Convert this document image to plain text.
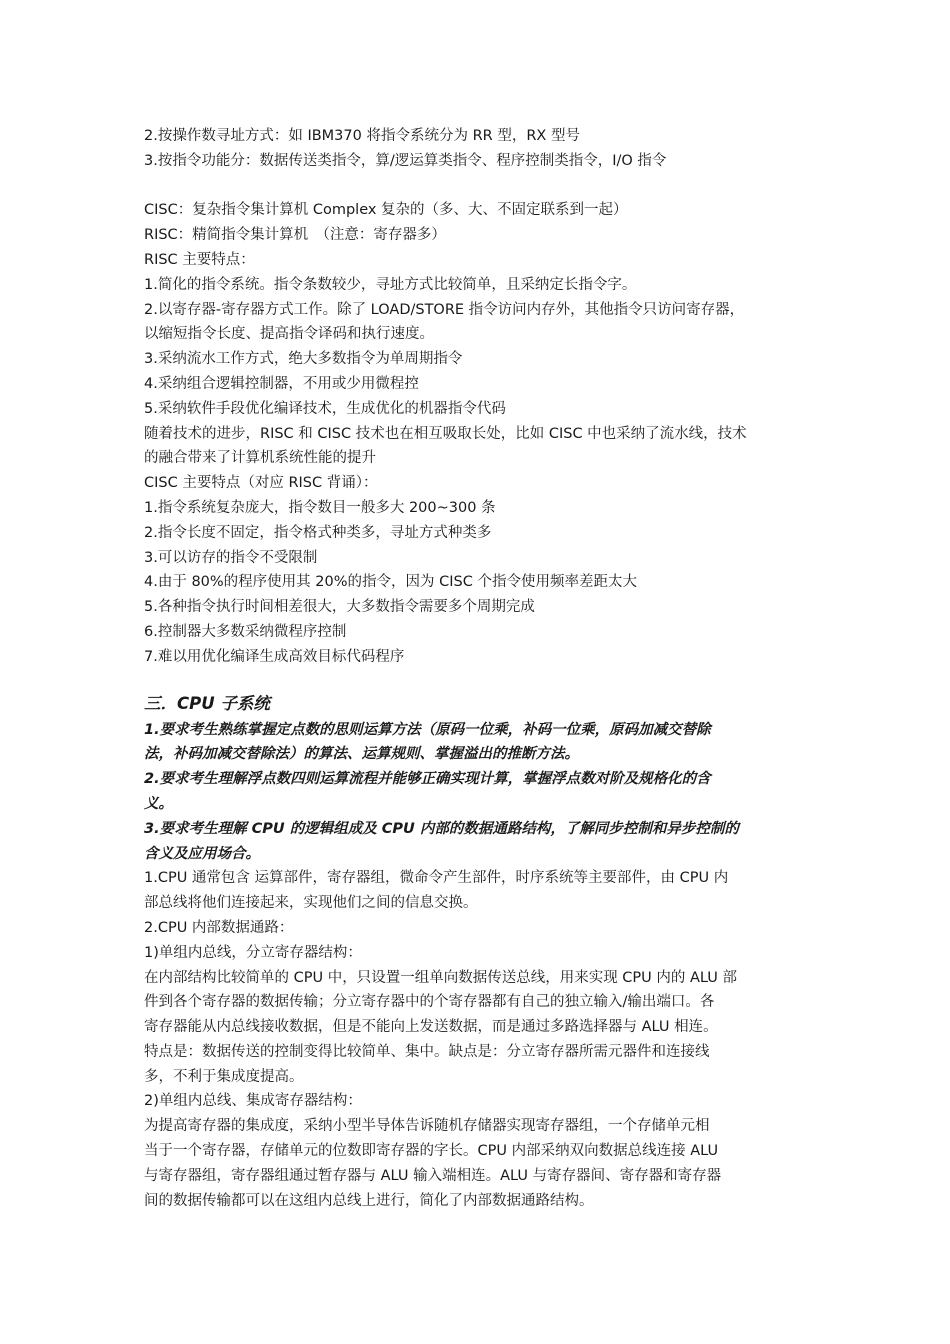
2.按操作数寻址方式：如 IBM370 将指令系统分为 RR 型，RX 型号
3.按指令功能分：数据传送类指令，算/逻运算类指令、程序控制类指令，I/O 指令
CISC：复杂指令集计算机 Complex 复杂的（多、大、不固定联系到一起）
RISC：精简指令集计算机　（注意：寄存器多）
RISC 主要特点：
1.简化的指令系统。指令条数较少，寻址方式比较简单，且采纳定长指令字。
2.以寄存器-寄存器方式工作。除了 LOAD/STORE 指令访问内存外，其他指令只访问寄存器，
以缩短指令长度、提高指令译码和执行速度。
3.采纳流水工作方式，绝大多数指令为单周期指令
4.采纳组合逻辑控制器，不用或少用微程控
5.采纳软件手段优化编译技术，生成优化的机器指令代码
随着技术的进步，RISC 和 CISC 技术也在相互吸取长处，比如 CISC 中也采纳了流水线，技术
的融合带来了计算机系统性能的提升
CISC 主要特点（对应 RISC 背诵）：
1.指令系统复杂庞大，指令数目一般多大 200~300 条
2.指令长度不固定，指令格式种类多，寻址方式种类多
3.可以访存的指令不受限制
4.由于 80%的程序使用其 20%的指令，因为 CISC 个指令使用频率差距太大
5.各种指令执行时间相差很大，大多数指令需要多个周期完成
6.控制器大多数采纳微程序控制
7.难以用优化编译生成高效目标代码程序
三．CPU 子系统
1.要求考生熟练掌握定点数的思则运算方法（原码一位乘，补码一位乘，原码加减交替除
法，补码加减交替除法）的算法、运算规则、掌握溢出的推断方法。
2.要求考生理解浮点数四则运算流程并能够正确实现计算，掌握浮点数对阶及规格化的含
义。
3.要求考生理解 CPU 的逻辑组成及 CPU 内部的数据通路结构，了解同步控制和异步控制的
含义及应用场合。
1.CPU 通常包含 运算部件，寄存器组，微命令产生部件，时序系统等主要部件，由 CPU 内
部总线将他们连接起来，实现他们之间的信息交换。
2.CPU 内部数据通路：
1)单组内总线，分立寄存器结构：
在内部结构比较简单的 CPU 中，只设置一组单向数据传送总线，用来实现 CPU 内的 ALU 部
件到各个寄存器的数据传输；分立寄存器中的个寄存器都有自己的独立输入/输出端口。各
寄存器能从内总线接收数据，但是不能向上发送数据，而是通过多路选择器与 ALU 相连。
特点是：数据传送的控制变得比较简单、集中。缺点是：分立寄存器所需元器件和连接线
多，不利于集成度提高。
2)单组内总线、集成寄存器结构：
为提高寄存器的集成度，采纳小型半导体告诉随机存储器实现寄存器组，一个存储单元相
当于一个寄存器，存储单元的位数即寄存器的字长。CPU 内部采纳双向数据总线连接 ALU
与寄存器组，寄存器组通过暂存器与 ALU 输入端相连。ALU 与寄存器间、寄存器和寄存器
间的数据传输都可以在这组内总线上进行，简化了内部数据通路结构。
